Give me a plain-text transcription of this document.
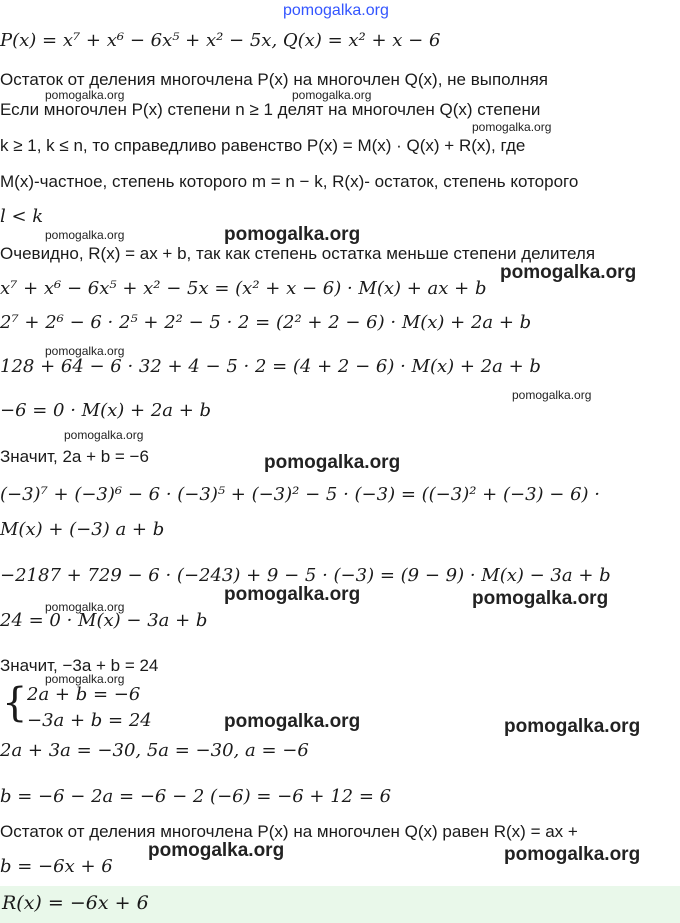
pomogalka.org
P(x) = x⁷ + x⁶ − 6x⁵ + x² − 5x, Q(x) = x² + x − 6
Остаток от деления многочлена P(x) на многочлен Q(x), не выполняя
pomogalka.org	pomogalka.org
Если многочлен P(x) степени n ≥ 1 делят на многочлен Q(x) степени
pomogalka.org
k ≥ 1, k ≤ n, то справедливо равенство P(x) = M(x) · Q(x) + R(x), где
M(x)-частное, степень которого m = n − k, R(x)- остаток, степень которого
l < k
pomogalka.org	pomogalka.org
Очевидно, R(x) = ax + b, так как степень остатка меньше степени делителя
pomogalka.org
x⁷ + x⁶ − 6x⁵ + x² − 5x = (x² + x − 6) · M(x) + ax + b
2⁷ + 2⁶ − 6 · 2⁵ + 2² − 5 · 2 = (2² + 2 − 6) · M(x) + 2a + b
pomogalka.org
128 + 64 − 6 · 32 + 4 − 5 · 2 = (4 + 2 − 6) · M(x) + 2a + b
pomogalka.org
−6 = 0 · M(x) + 2a + b
pomogalka.org
Значит, 2a + b = −6	pomogalka.org
(−3)⁷ + (−3)⁶ − 6 · (−3)⁵ + (−3)² − 5 · (−3) = ((−3)² + (−3) − 6) ·
M(x) + (−3) a + b
−2187 + 729 − 6 · (−243) + 9 − 5 · (−3) = (9 − 9) · M(x) − 3a + b
pomogalka.org	pomogalka.org
pomogalka.org
24 = 0 · M(x) − 3a + b
Значит, −3a + b = 24
pomogalka.org
{ 2a + b = −6
−3a + b = 24	pomogalka.org	pomogalka.org
2a + 3a = −30, 5a = −30, a = −6
b = −6 − 2a = −6 − 2 (−6) = −6 + 12 = 6
Остаток от деления многочлена P(x) на многочлен Q(x) равен R(x) = ax +
pomogalka.org	pomogalka.org
b = −6x + 6
R(x) = −6x + 6
